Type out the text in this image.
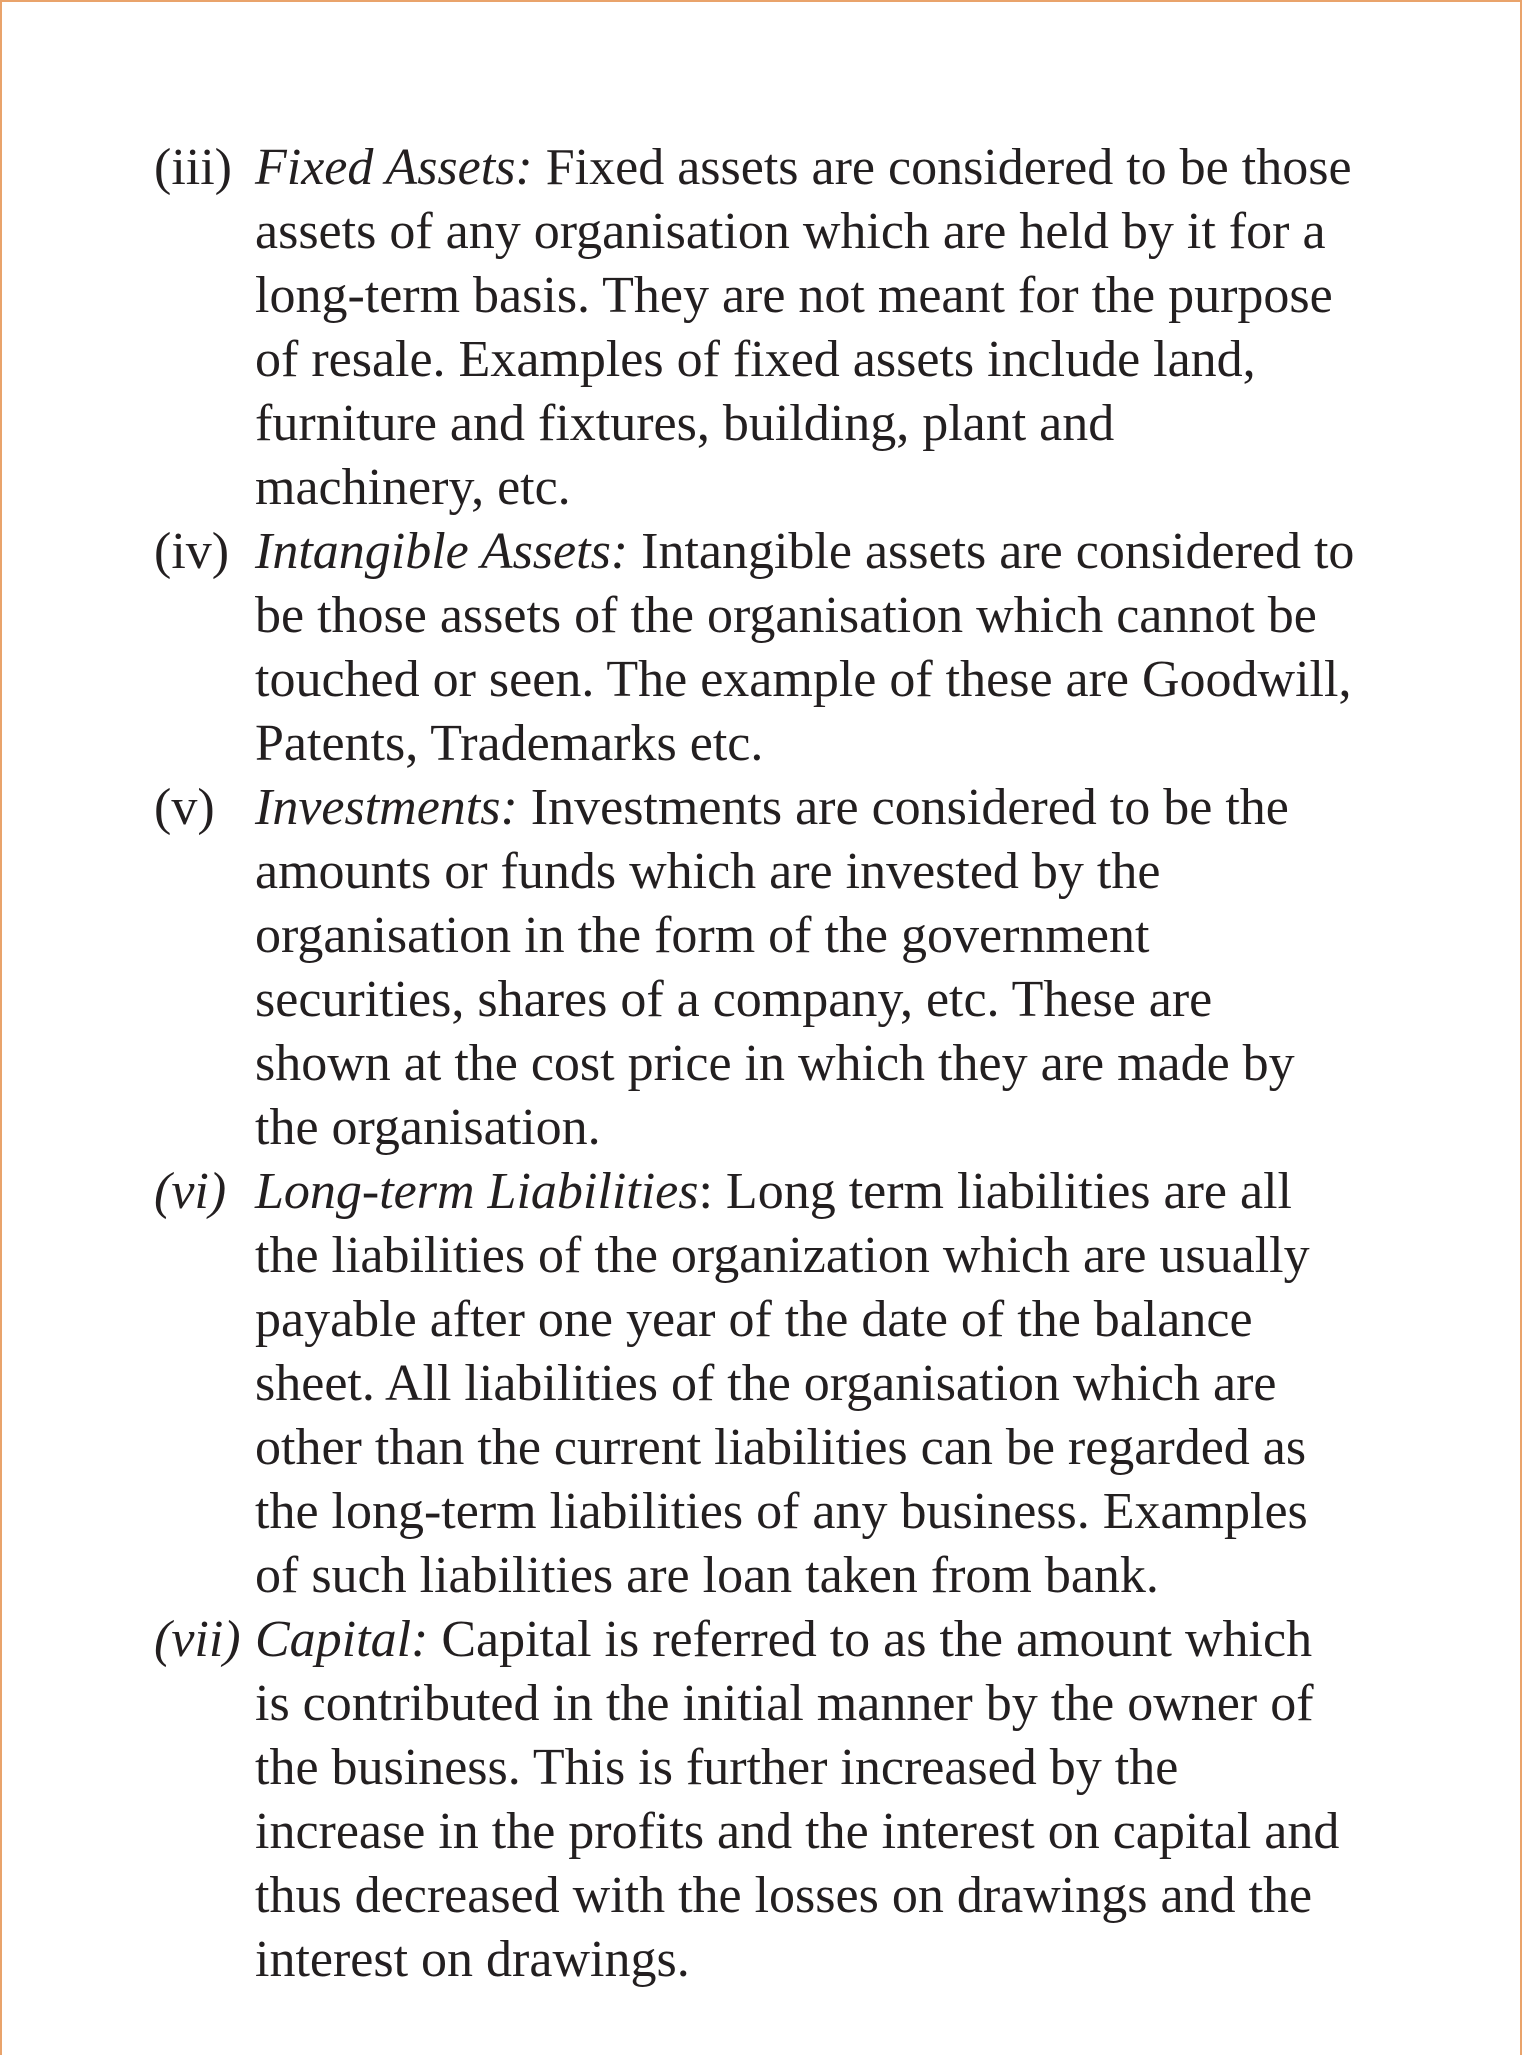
(iii) Fixed Assets: Fixed assets are considered to be those
assets of any organisation which are held by it for a
long-term basis. They are not meant for the purpose
of resale. Examples of fixed assets include land,
furniture and fixtures, building, plant and
machinery, etc.
(iv) Intangible Assets: Intangible assets are considered to
be those assets of the organisation which cannot be
touched or seen. The example of these are Goodwill,
Patents, Trademarks etc.
(v) Investments: Investments are considered to be the
amounts or funds which are invested by the
organisation in the form of the government
securities, shares of a company, etc. These are
shown at the cost price in which they are made by
the organisation.
(vi) Long-term Liabilities: Long term liabilities are all
the liabilities of the organization which are usually
payable after one year of the date of the balance
sheet. All liabilities of the organisation which are
other than the current liabilities can be regarded as
the long-term liabilities of any business. Examples
of such liabilities are loan taken from bank.
(vii) Capital: Capital is referred to as the amount which
is contributed in the initial manner by the owner of
the business. This is further increased by the
increase in the profits and the interest on capital and
thus decreased with the losses on drawings and the
interest on drawings.
